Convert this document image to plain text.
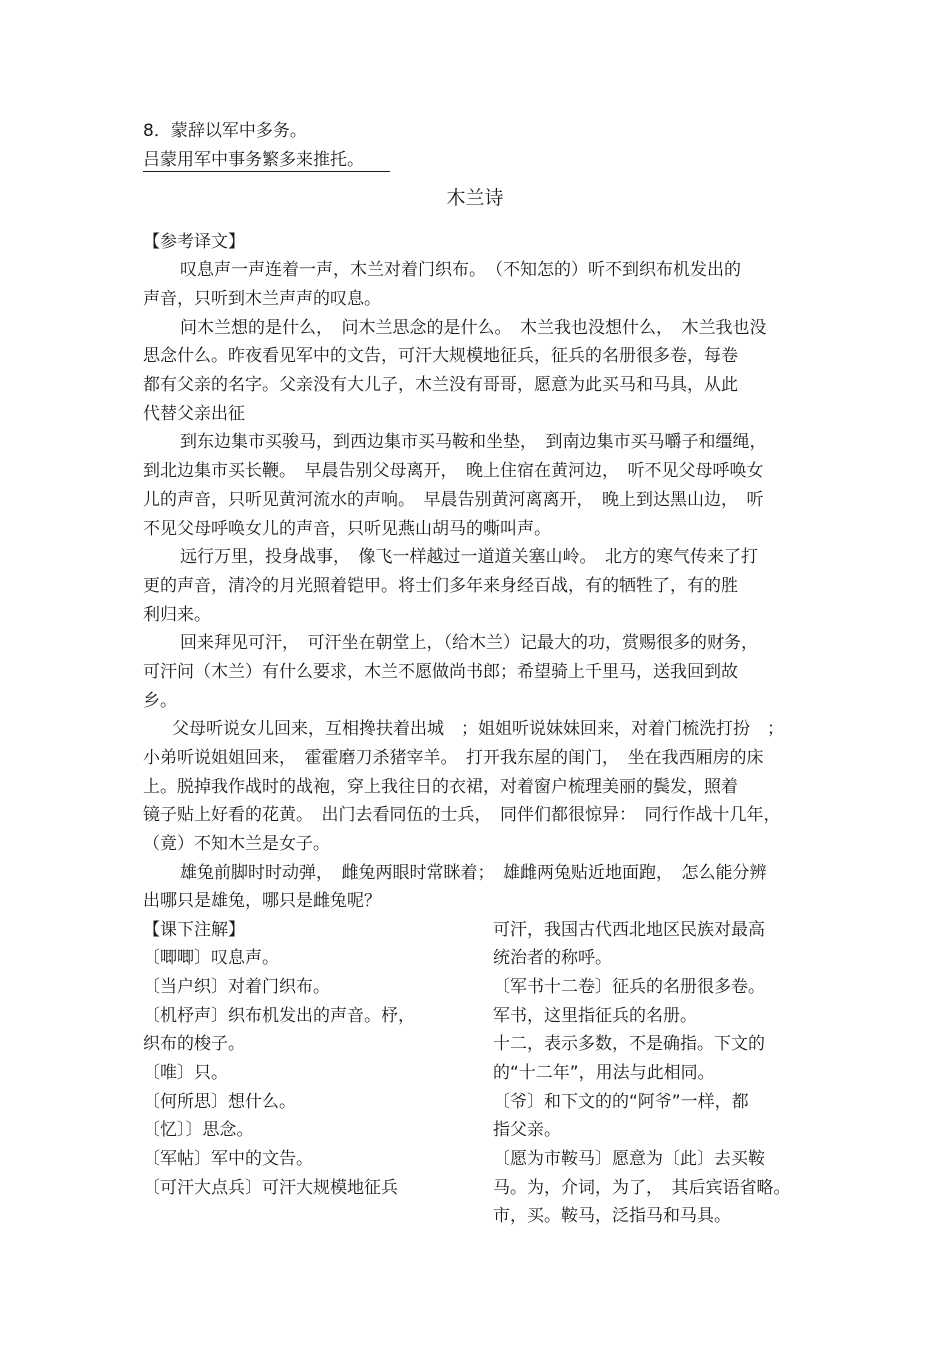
8．蒙辞以军中多务。

吕蒙用军中事务繁多来推托。

木兰诗

【参考译文】

叹息声一声连着一声，木兰对着门织布。　（不知怎的）听不到织布机发出的

声音，只听到木兰声声的叹息。

问木兰想的是什么，　问木兰思念的是什么。　木兰我也没想什么，　木兰我也没

思念什么。昨夜看见军中的文告，可汗大规模地征兵，征兵的名册很多卷，每卷

都有父亲的名字。父亲没有大儿子，木兰没有哥哥，愿意为此买马和马具，从此

代替父亲出征

到东边集市买骏马，到西边集市买马鞍和坐垫，　到南边集市买马嚼子和缰绳，

到北边集市买长鞭。　早晨告别父母离开，　晚上住宿在黄河边，　听不见父母呼唤女

儿的声音，只听见黄河流水的声响。　早晨告别黄河离离开，　晚上到达黑山边，　听

不见父母呼唤女儿的声音，只听见燕山胡马的嘶叫声。

远行万里，投身战事，　像飞一样越过一道道关塞山岭。　北方的寒气传来了打

更的声音，清冷的月光照着铠甲。将士们多年来身经百战，有的牺牲了，有的胜

利归来。

回来拜见可汗，　可汗坐在朝堂上，（给木兰）记最大的功，赏赐很多的财务，

可汗问（木兰）有什么要求，木兰不愿做尚书郎；希望骑上千里马，送我回到故

乡。

父母听说女儿回来，互相搀扶着出城　；姐姐听说妹妹回来，对着门梳洗打扮　；

小弟听说姐姐回来，　霍霍磨刀杀猪宰羊。　打开我东屋的闺门，　坐在我西厢房的床

上。脱掉我作战时的战袍，穿上我往日的衣裙，对着窗户梳理美丽的鬓发，照着

镜子贴上好看的花黄。　出门去看同伍的士兵，　同伴们都很惊异：　同行作战十几年，

（竟）不知木兰是女子。

雄兔前脚时时动弹，　雌兔两眼时常眯着；　雄雌两兔贴近地面跑，　怎么能分辨

出哪只是雄兔，哪只是雌兔呢？

【课下注解】

〔唧唧〕叹息声。

〔当户织〕对着门织布。

〔机杼声〕织布机发出的声音。杼，

织布的梭子。

〔唯〕只。

〔何所思〕想什么。

〔忆〕〕思念。

〔军帖〕军中的文告。

〔可汗大点兵〕可汗大规模地征兵

可汗，我国古代西北地区民族对最高

统治者的称呼。

〔军书十二卷〕征兵的名册很多卷。

军书，这里指征兵的名册。

十二，表示多数，不是确指。下文的

的“十二年”，用法与此相同。

〔爷〕和下文的的“阿爷”一样，都

指父亲。

〔愿为市鞍马〕愿意为〔此〕去买鞍

马。为，介词，为了，　其后宾语省略。

市，买。鞍马，泛指马和马具。
